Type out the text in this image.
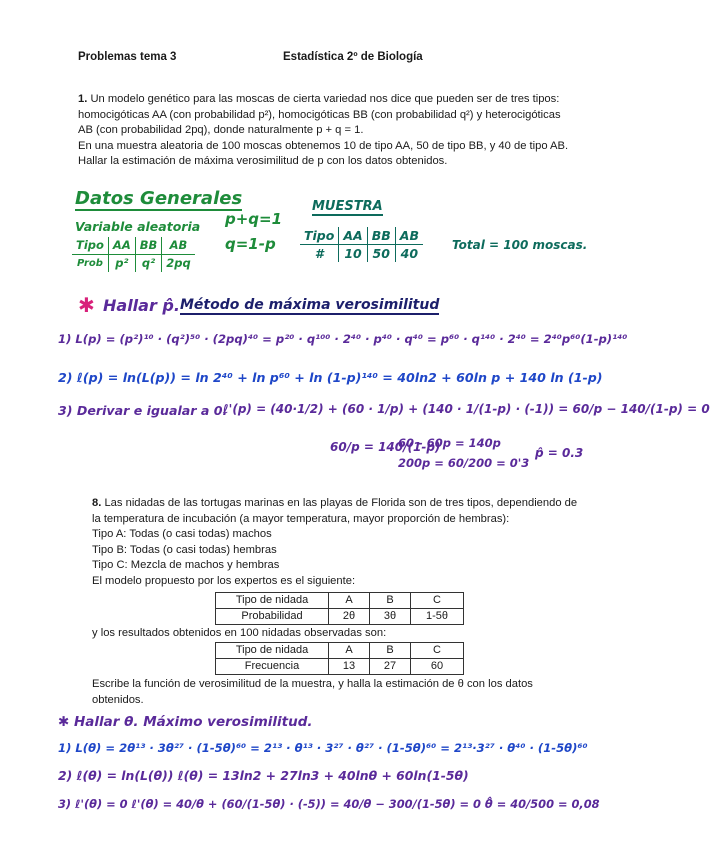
Problemas tema 3	Estadística 2º de Biología
1. Un modelo genético para las moscas de cierta variedad nos dice que pueden ser de tres tipos: homocigóticas AA (con probabilidad p²), homocigóticas BB (con probabilidad q²) y heterocigóticas AB (con probabilidad 2pq), donde naturalmente p + q = 1.
En una muestra aleatoria de 100 moscas obtenemos 10 de tipo AA, 50 de tipo BB, y 40 de tipo AB. Hallar la estimación de máxima verosimilitud de p con los datos obtenidos.
Datos Generales
Variable aleatoria p+q=1
q=1-p
Tipo	AA	BB	AB
Prob	p²	q²	2pq
MUESTRA
Tipo	AA	BB	AB
#	10	50	40
Total = 100 moscas.
✱ Hallar p̂. Método de máxima verosimilitud
1) L(p) = (p²)¹⁰ · (q²)⁵⁰ · (2pq)⁴⁰ = p²⁰ · q¹⁰⁰ · 2⁴⁰ · p⁴⁰ · q⁴⁰ = p⁶⁰ · q¹⁴⁰ · 2⁴⁰ = 2⁴⁰p⁶⁰(1-p)¹⁴⁰
2) ℓ(p) = ln(L(p)) = ln 2⁴⁰ + ln p⁶⁰ + ln (1-p)¹⁴⁰ = 40ln2 + 60ln p + 140 ln (1-p)
3) Derivar e igualar a 0.
ℓ'(p) = (40·1/2) + (60 · 1/p) + (140 · 1/(1-p) · (-1)) = 60/p − 140/(1-p) = 0
60/p = 140/(1-p)
60 - 60p = 140p
200p = 60/200 = 0'3
p̂ = 0.3
8. Las nidadas de las tortugas marinas en las playas de Florida son de tres tipos, dependiendo de la temperatura de incubación (a mayor temperatura, mayor proporción de hembras):
Tipo A: Todas (o casi todas) machos
Tipo B: Todas (o casi todas) hembras
Tipo C: Mezcla de machos y hembras
El modelo propuesto por los expertos es el siguiente:
Tipo de nidada	A	B	C
Probabilidad	2θ	3θ	1-5θ
y los resultados obtenidos en 100 nidadas observadas son:
Tipo de nidada	A	B	C
Frecuencia	13	27	60
Escribe la función de verosimilitud de la muestra, y halla la estimación de θ con los datos obtenidos.
✱ Hallar θ. Máximo verosimilitud.
1) L(θ) = 2θ¹³ · 3θ²⁷ · (1-5θ)⁶⁰ = 2¹³ · θ¹³ · 3²⁷ · θ²⁷ · (1-5θ)⁶⁰ = 2¹³·3²⁷ · θ⁴⁰ · (1-5θ)⁶⁰
2) ℓ(θ) = ln(L(θ)) ℓ(θ) = 13ln2 + 27ln3 + 40lnθ + 60ln(1-5θ)
3) ℓ'(θ) = 0 ℓ'(θ) = 40/θ + (60/(1-5θ) · (-5)) = 40/θ − 300/(1-5θ) = 0 θ̂ = 40/500 = 0,08
